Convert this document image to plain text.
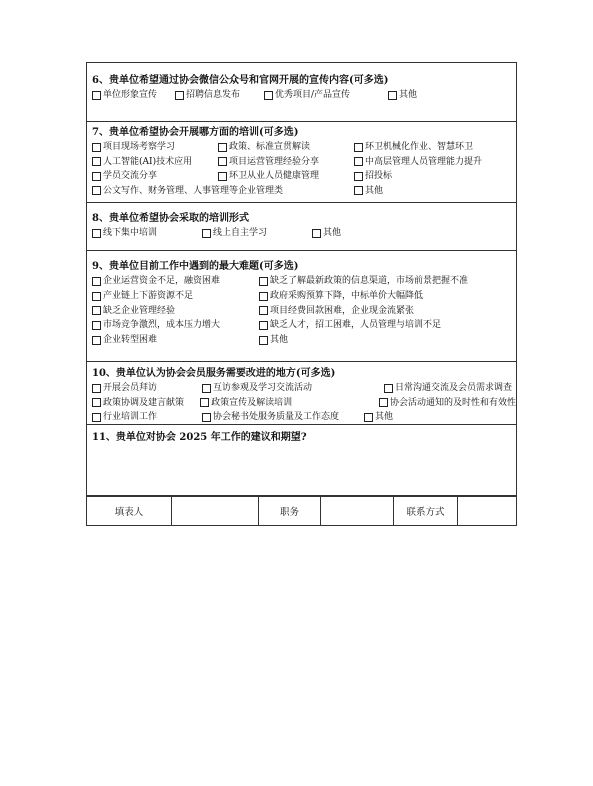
6、贵单位希望通过协会微信公众号和官网开展的宣传内容(可多选)
单位形象宣传	招聘信息发布	优秀项目/产品宣传	其他
7、贵单位希望协会开展哪方面的培训(可多选)
项目现场考察学习	政策、标准宣贯解读	环卫机械化作业、智慧环卫
人工智能(AI)技术应用	项目运营管理经验分享	中高层管理人员管理能力提升
学员交流分享	环卫从业人员健康管理	招投标
公文写作、财务管理、人事管理等企业管理类	其他
8、贵单位希望协会采取的培训形式
线下集中培训	线上自主学习	其他
9、贵单位目前工作中遇到的最大难题(可多选)
企业运营资金不足，融资困难	缺乏了解最新政策的信息渠道，市场前景把握不准
产业链上下游资源不足	政府采购预算下降，中标单价大幅降低
缺乏企业管理经验	项目经费回款困难，企业现金流紧张
市场竞争激烈，成本压力增大	缺乏人才，招工困难，人员管理与培训不足
企业转型困难	其他
10、贵单位认为协会会员服务需要改进的地方(可多选)
开展会员拜访	互访参观及学习交流活动	日常沟通交流及会员需求调查
政策协调及建言献策	政策宣传及解读培训	协会活动通知的及时性和有效性
行业培训工作	协会秘书处服务质量及工作态度	其他
11、贵单位对协会 2025 年工作的建议和期望?
填表人	职务	联系方式
